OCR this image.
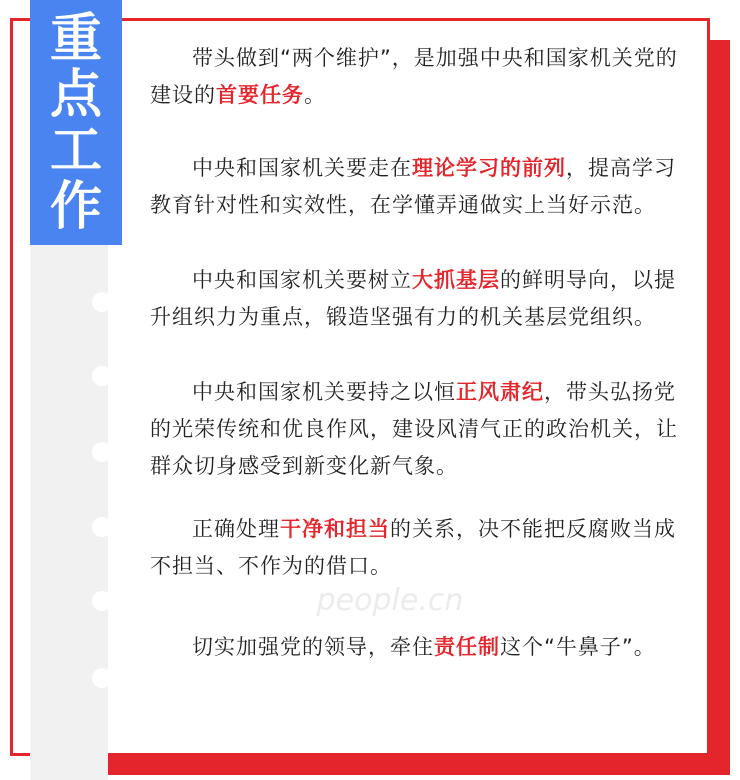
重
点
工
作
people.cn

带头做到“两个维护”，是加强中央和国家机关党的建设的首要任务。

中央和国家机关要走在理论学习的前列，提高学习教育针对性和实效性，在学懂弄通做实上当好示范。

中央和国家机关要树立大抓基层的鲜明导向，以提升组织力为重点，锻造坚强有力的机关基层党组织。

中央和国家机关要持之以恒正风肃纪，带头弘扬党的光荣传统和优良作风，建设风清气正的政治机关，让群众切身感受到新变化新气象。

正确处理干净和担当的关系，决不能把反腐败当成不担当、不作为的借口。

切实加强党的领导，牵住责任制这个“牛鼻子”。
